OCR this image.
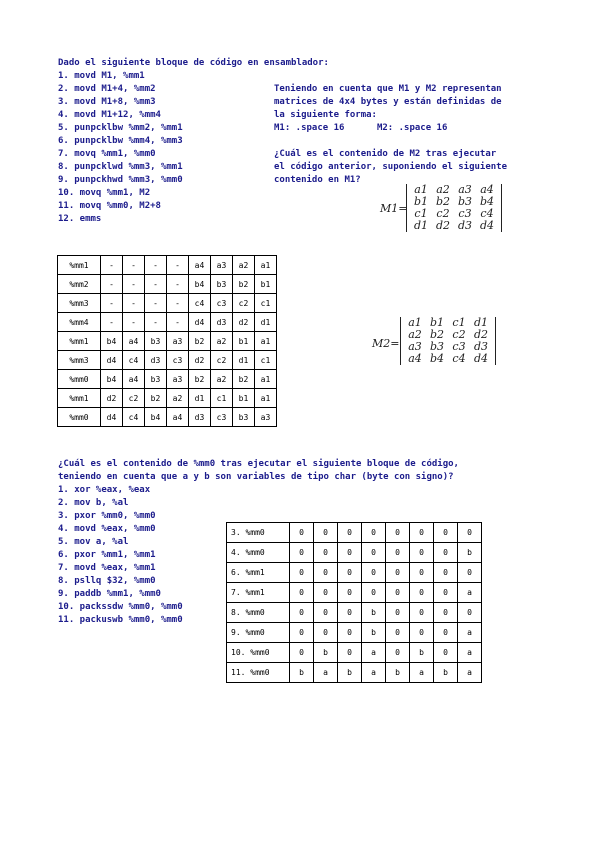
Dado el siguiente bloque de código en ensamblador:
1. movd M1, %mm1
2. movd M1+4, %mm2
3. movd M1+8, %mm3
4. movd M1+12, %mm4
5. punpcklbw %mm2, %mm1
6. punpcklbw %mm4, %mm3
7. movq %mm1, %mm0
8. punpcklwd %mm3, %mm1
9. punpckhwd %mm3, %mm0
10. movq %mm1, M2
11. movq %mm0, M2+8
12. emms
Teniendo en cuenta que M1 y M2 representan
matrices de 4x4 bytes y están definidas de
la siguiente forma:
M1: .space 16      M2: .space 16
¿Cuál es el contenido de M2 tras ejecutar
el código anterior, suponiendo el siguiente
contenido en M1?
M1=
a1 a2 a3 a4
b1 b2 b3 b4
c1 c2 c3 c4
d1 d2 d3 d4
%mm1	-	-	-	-	a4	a3	a2	a1
%mm2	-	-	-	-	b4	b3	b2	b1
%mm3	-	-	-	-	c4	c3	c2	c1
%mm4	-	-	-	-	d4	d3	d2	d1
%mm1	b4	a4	b3	a3	b2	a2	b1	a1
%mm3	d4	c4	d3	c3	d2	c2	d1	c1
%mm0	b4	a4	b3	a3	b2	a2	b2	a1
%mm1	d2	c2	b2	a2	d1	c1	b1	a1
%mm0	d4	c4	b4	a4	d3	c3	b3	a3
M2=
a1 b1 c1 d1
a2 b2 c2 d2
a3 b3 c3 d3
a4 b4 c4 d4
¿Cuál es el contenido de %mm0 tras ejecutar el siguiente bloque de código,
teniendo en cuenta que a y b son variables de tipo char (byte con signo)?
1. xor %eax, %eax
2. mov b, %al
3. pxor %mm0, %mm0
4. movd %eax, %mm0
5. mov a, %al
6. pxor %mm1, %mm1
7. movd %eax, %mm1
8. psllq $32, %mm0
9. paddb %mm1, %mm0
10. packssdw %mm0, %mm0
11. packuswb %mm0, %mm0
3. %mm0	0	0	0	0	0	0	0	0
4. %mm0	0	0	0	0	0	0	0	b
6. %mm1	0	0	0	0	0	0	0	0
7. %mm1	0	0	0	0	0	0	0	a
8. %mm0	0	0	0	b	0	0	0	0
9. %mm0	0	0	0	b	0	0	0	a
10. %mm0	0	b	0	a	0	b	0	a
11. %mm0	b	a	b	a	b	a	b	a
